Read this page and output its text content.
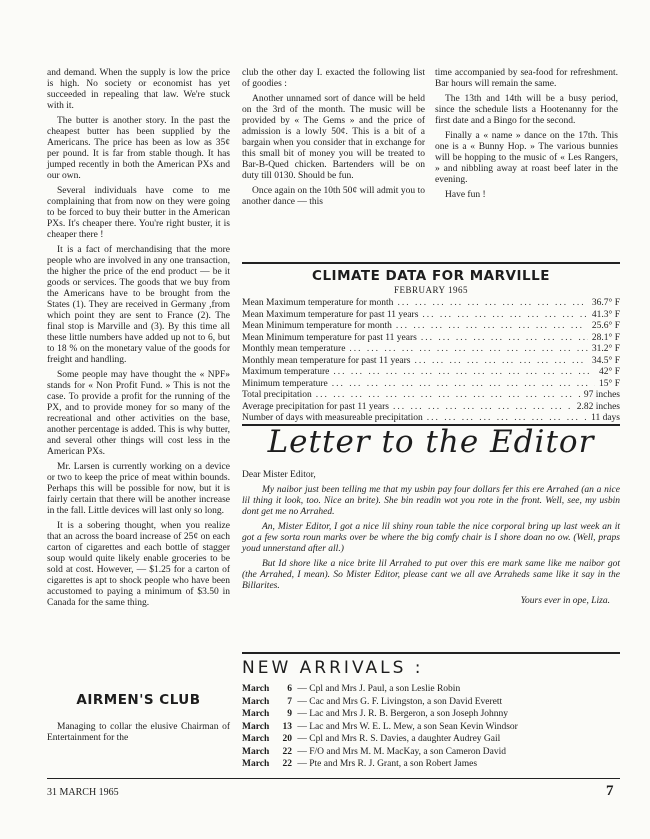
and demand. When the supply is low the price is high. No society or economist has yet succeeded in repealing that law. We're stuck with it.

The butter is another story. In the past the cheapest butter has been supplied by the Americans. The price has been as low as 35¢ per pound. It is far from stable though. It has jumped recently in both the American PXs and our own.

Several individuals have come to me complaining that from now on they were going to be forced to buy their butter in the American PXs. It's cheaper there. You're right buster, it is cheaper there !

It is a fact of merchandising that the more people who are involved in any one transaction, the higher the price of the end product — be it goods or services. The goods that we buy from the Americans have to be brought from the States (1). They are received in Germany ,from which point they are sent to France (2). The final stop is Marville and (3). By this time all these little numbers have added up not to 6, but to 18 % on the monetary value of the goods for freight and handling.

Some people may have thought the « NPF» stands for « Non Profit Fund. » This is not the case. To provide a profit for the running of the PX, and to provide money for so many of the recreational and other activities on the base, another percentage is added. This is why butter, and several other things will cost less in the American PXs.

Mr. Larsen is currently working on a device or two to keep the price of meat within bounds. Perhaps this will be possible for now, but it is fairly certain that there will be another increase in the fall. Little devices will last only so long.

It is a sobering thought, when you realize that an across the board increase of 25¢ on each carton of cigarettes and each bottle of stagger soup would quite likely enable groceries to be sold at cost. However, — $1.25 for a carton of cigarettes is apt to shock people who have been accustomed to paying a minimum of $3.50 in Canada for the same thing.

AIRMEN'S CLUB

Managing to collar the elusive Chairman of Entertainment for the

club the other day I. exacted the following list of goodies :

Another unnamed sort of dance will be held on the 3rd of the month. The music will be provided by « The Gems » and the price of admission is a lowly 50¢. This is a bit of a bargain when you consider that in exchange for this small bit of money you will be treated to Bar-B-Qued chicken. Bartenders will be on duty till 0130. Should be fun.

Once again on the 10th 50¢ will admit you to another dance — this

time accompanied by sea-food for refreshment. Bar hours will remain the same.

The 13th and 14th will be a busy period, since the schedule lists a Hootenanny for the first date and a Bingo for the second.

Finally a « name » dance on the 17th. This one is a « Bunny Hop. » The various bunnies will be hopping to the music of « Les Rangers, » and nibbling away at roast beef later in the evening.

Have fun !

CLIMATE DATA FOR MARVILLE
FEBRUARY 1965
Mean Maximum temperature for month ... .	36.7° F
Mean Maximum temperature for past 11 years ... .	41.3° F
Mean Minimum temperature for month ... .	25.6° F
Mean Minimum temperature for past 11 years ... .	28.1° F
Monthly mean temperature ... .	31.2° F
Monthly mean temperature for past 11 years ... .	34.5° F
Maximum temperature ... .	42° F
Minimum temperature ... .	15° F
Total precipitation ... .	97 inches
Average precipitation for past 11 years ... .	2.82 inches
Number of days with measureable precipitation ... .	11 days
Letter to the Editor

Dear Mister Editor,

My naibor just been telling me that my usbin pay four dollars fer this ere Arrahed (an a nice lil thing it look, too. Nice an brite). She bin readin wot you rote in the front. Well, see, my usbin dont get me no Arrahed.

An, Mister Editor, I got a nice lil shiny roun table the nice corporal bring up last week an it got a few sorta roun marks over be where the big comfy chair is I shore doan no ow. (Well, praps youd unnerstand after all.)

But Id shore like a nice brite lil Arrahed to put over this ere mark same like me naibor got (the Arrahed, I mean). So Mister Editor, please cant we all ave Arraheds same like it say in the Billarites.

Yours ever in ope, Liza.

NEW ARRIVALS :
March 6 — Cpl and Mrs J. Paul, a son Leslie Robin
March 7 — Cac and Mrs G. F. Livingston, a son David Everett
March 9 — Lac and Mrs J. R. B. Bergeron, a son Joseph Johnny
March 13 — Lac and Mrs W. E. L. Mew, a son Sean Kevin Windsor
March 20 — Cpl and Mrs R. S. Davies, a daughter Audrey Gail
March 22 — F/O and Mrs M. M. MacKay, a son Cameron David
March 22 — Pte and Mrs R. J. Grant, a son Robert James
31 MARCH 1965	7
